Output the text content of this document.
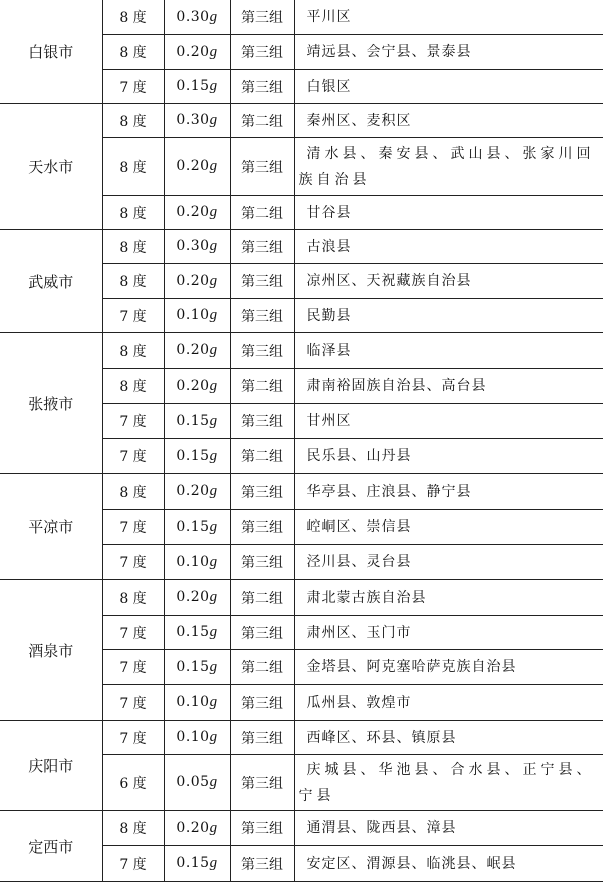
白银市	8 度	0.30g	第三组	平川区
	8 度	0.20g	第三组	靖远县、会宁县、景泰县
	7 度	0.15g	第三组	白银区
天水市	8 度	0.30g	第二组	秦州区、麦积区
	8 度	0.20g	第三组	清水县、秦安县、武山县、张家川回族自治县
	8 度	0.20g	第二组	甘谷县
武威市	8 度	0.30g	第三组	古浪县
	8 度	0.20g	第三组	凉州区、天祝藏族自治县
	7 度	0.10g	第三组	民勤县
张掖市	8 度	0.20g	第三组	临泽县
	8 度	0.20g	第二组	肃南裕固族自治县、高台县
	7 度	0.15g	第三组	甘州区
	7 度	0.15g	第二组	民乐县、山丹县
平凉市	8 度	0.20g	第三组	华亭县、庄浪县、静宁县
	7 度	0.15g	第三组	崆峒区、崇信县
	7 度	0.10g	第三组	泾川县、灵台县
酒泉市	8 度	0.20g	第二组	肃北蒙古族自治县
	7 度	0.15g	第三组	肃州区、玉门市
	7 度	0.15g	第二组	金塔县、阿克塞哈萨克族自治县
	7 度	0.10g	第三组	瓜州县、敦煌市
庆阳市	7 度	0.10g	第三组	西峰区、环县、镇原县
	6 度	0.05g	第三组	庆城县、华池县、合水县、正宁县、宁县
定西市	8 度	0.20g	第三组	通渭县、陇西县、漳县
	7 度	0.15g	第三组	安定区、渭源县、临洮县、岷县
